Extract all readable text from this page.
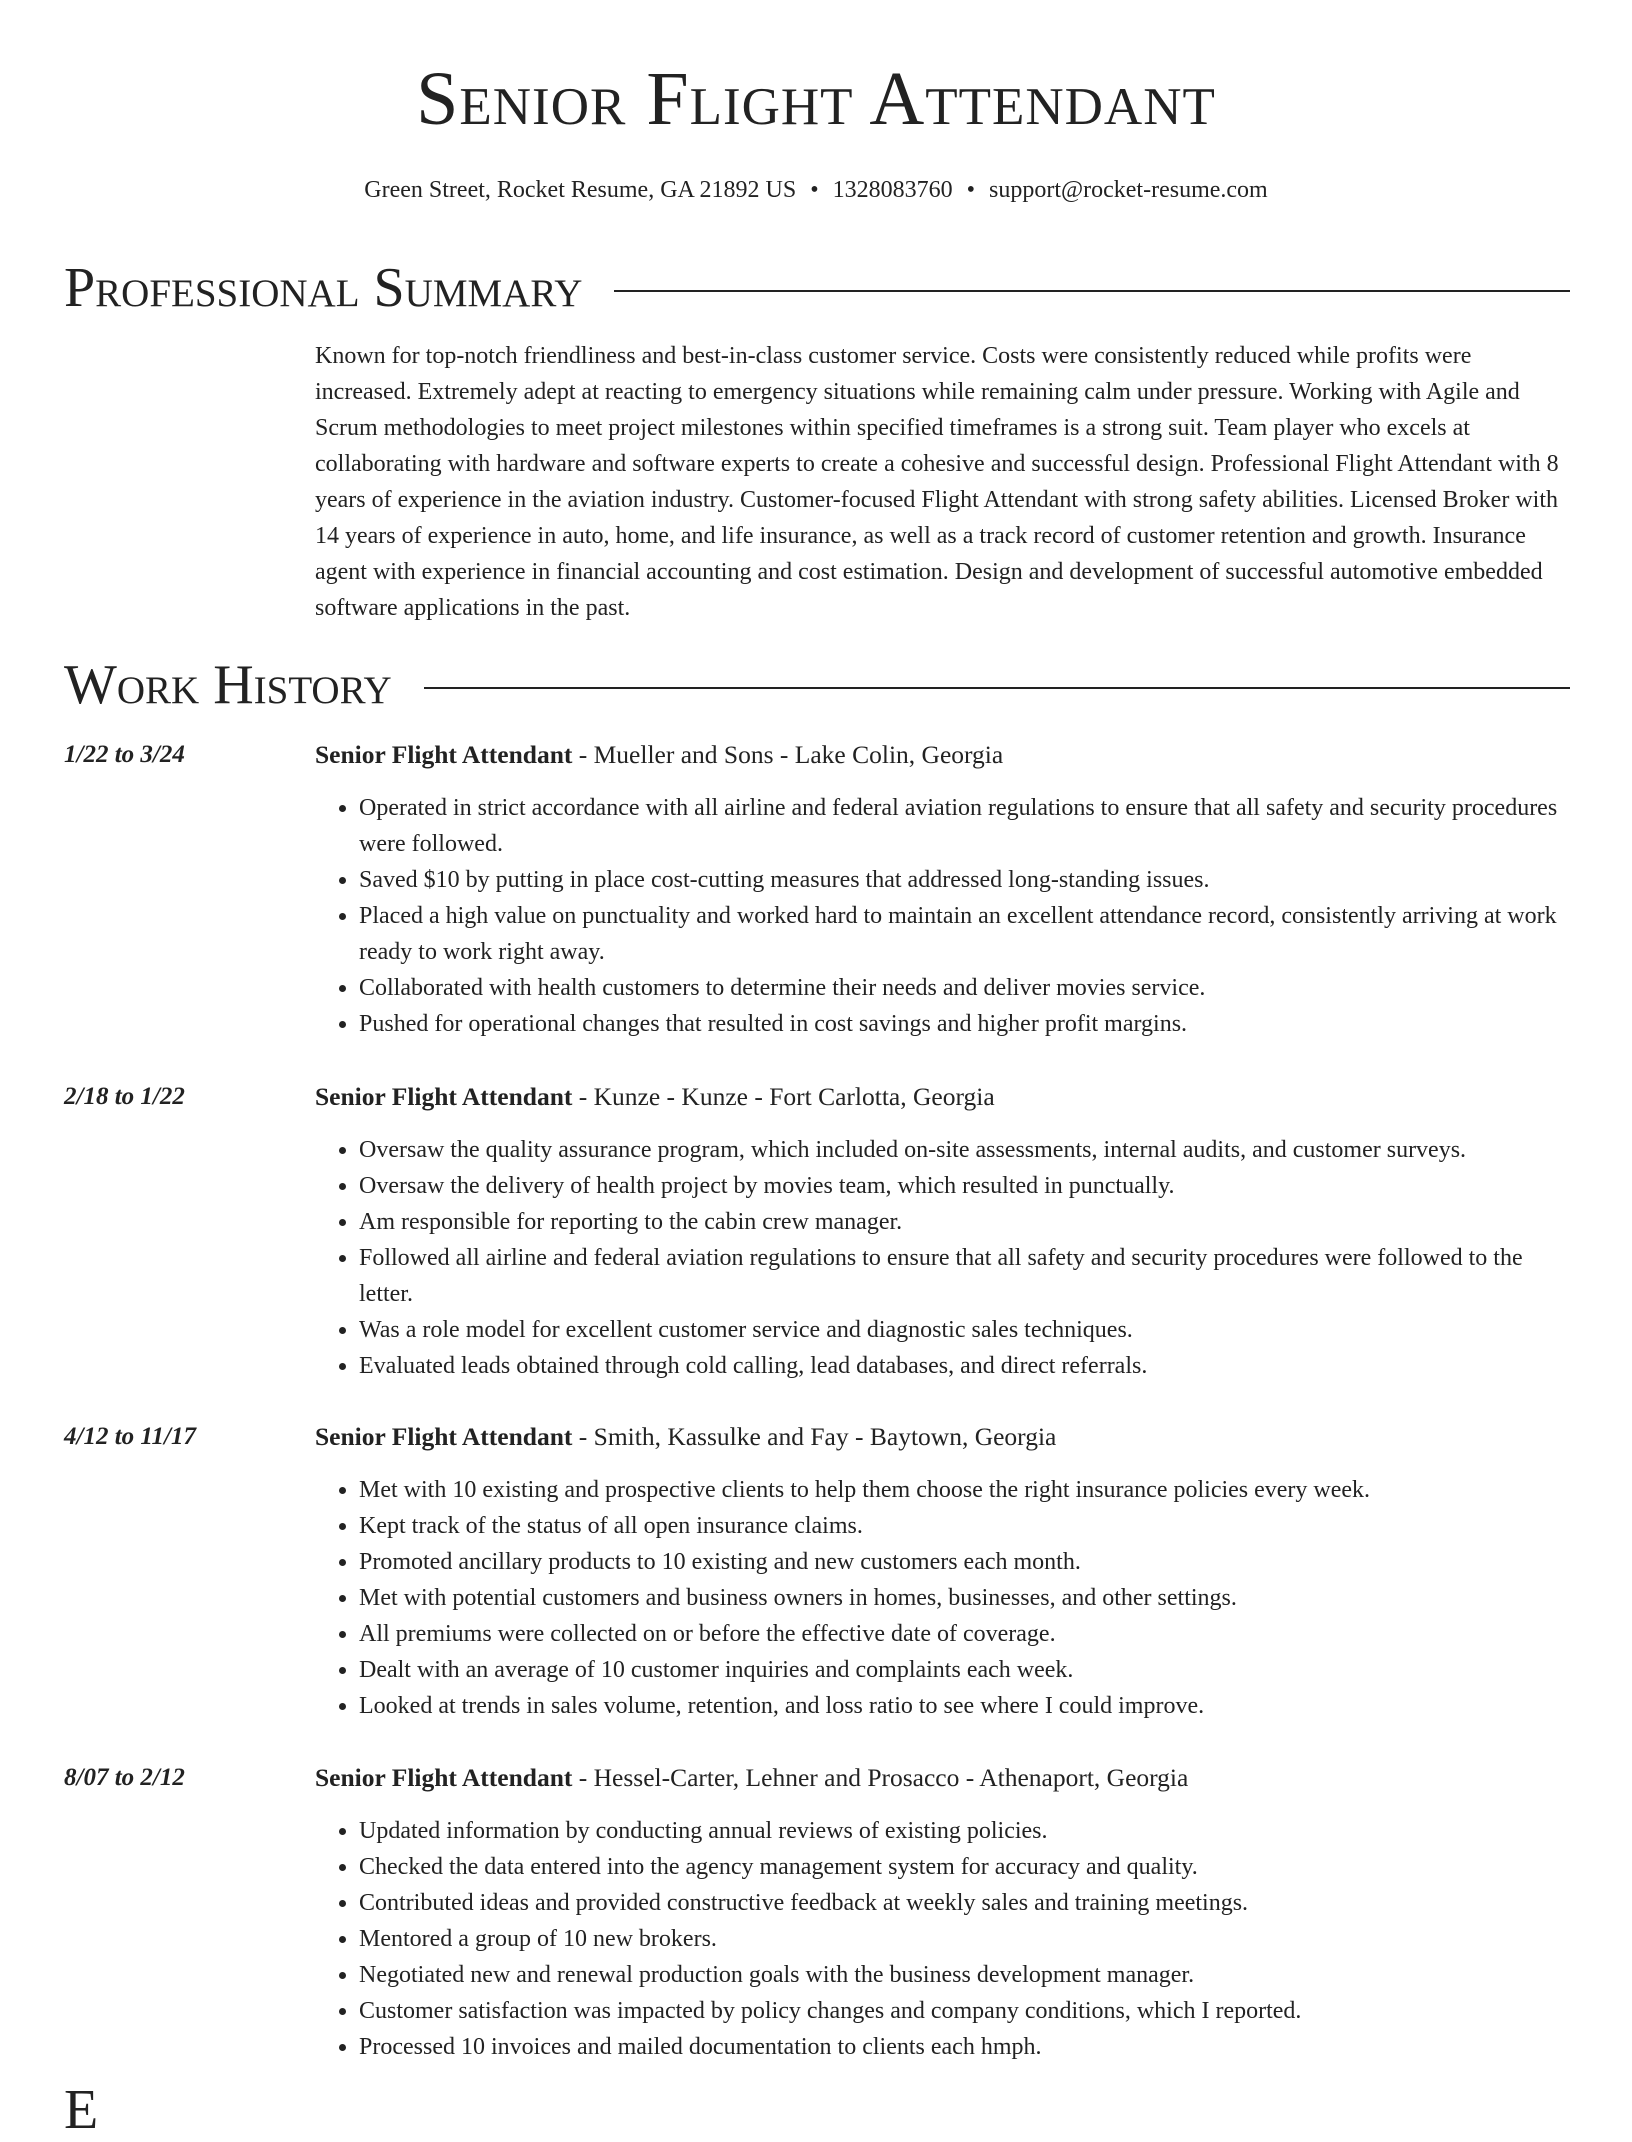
Senior Flight Attendant
Green Street, Rocket Resume, GA 21892 US • 1328083760 • support@rocket-resume.com
Professional Summary

Known for top-notch friendliness and best-in-class customer service. Costs were consistently reduced while profits were increased. Extremely adept at reacting to emergency situations while remaining calm under pressure. Working with Agile and Scrum methodologies to meet project milestones within specified timeframes is a strong suit. Team player who excels at collaborating with hardware and software experts to create a cohesive and successful design. Professional Flight Attendant with 8 years of experience in the aviation industry. Customer-focused Flight Attendant with strong safety abilities. Licensed Broker with 14 years of experience in auto, home, and life insurance, as well as a track record of customer retention and growth. Insurance agent with experience in financial accounting and cost estimation. Design and development of successful automotive embedded software applications in the past.

Work History
1/22 to 3/24	Senior Flight Attendant - Mueller and Sons - Lake Colin, Georgia
• Operated in strict accordance with all airline and federal aviation regulations to ensure that all safety and security procedures were followed.
• Saved $10 by putting in place cost-cutting measures that addressed long-standing issues.
• Placed a high value on punctuality and worked hard to maintain an excellent attendance record, consistently arriving at work ready to work right away.
• Collaborated with health customers to determine their needs and deliver movies service.
• Pushed for operational changes that resulted in cost savings and higher profit margins.
2/18 to 1/22	Senior Flight Attendant - Kunze - Kunze - Fort Carlotta, Georgia
• Oversaw the quality assurance program, which included on-site assessments, internal audits, and customer surveys.
• Oversaw the delivery of health project by movies team, which resulted in punctually.
• Am responsible for reporting to the cabin crew manager.
• Followed all airline and federal aviation regulations to ensure that all safety and security procedures were followed to the letter.
• Was a role model for excellent customer service and diagnostic sales techniques.
• Evaluated leads obtained through cold calling, lead databases, and direct referrals.
4/12 to 11/17	Senior Flight Attendant - Smith, Kassulke and Fay - Baytown, Georgia
• Met with 10 existing and prospective clients to help them choose the right insurance policies every week.
• Kept track of the status of all open insurance claims.
• Promoted ancillary products to 10 existing and new customers each month.
• Met with potential customers and business owners in homes, businesses, and other settings.
• All premiums were collected on or before the effective date of coverage.
• Dealt with an average of 10 customer inquiries and complaints each week.
• Looked at trends in sales volume, retention, and loss ratio to see where I could improve.
8/07 to 2/12	Senior Flight Attendant - Hessel-Carter, Lehner and Prosacco - Athenaport, Georgia
• Updated information by conducting annual reviews of existing policies.
• Checked the data entered into the agency management system for accuracy and quality.
• Contributed ideas and provided constructive feedback at weekly sales and training meetings.
• Mentored a group of 10 new brokers.
• Negotiated new and renewal production goals with the business development manager.
• Customer satisfaction was impacted by policy changes and company conditions, which I reported.
• Processed 10 invoices and mailed documentation to clients each hmph.
E
